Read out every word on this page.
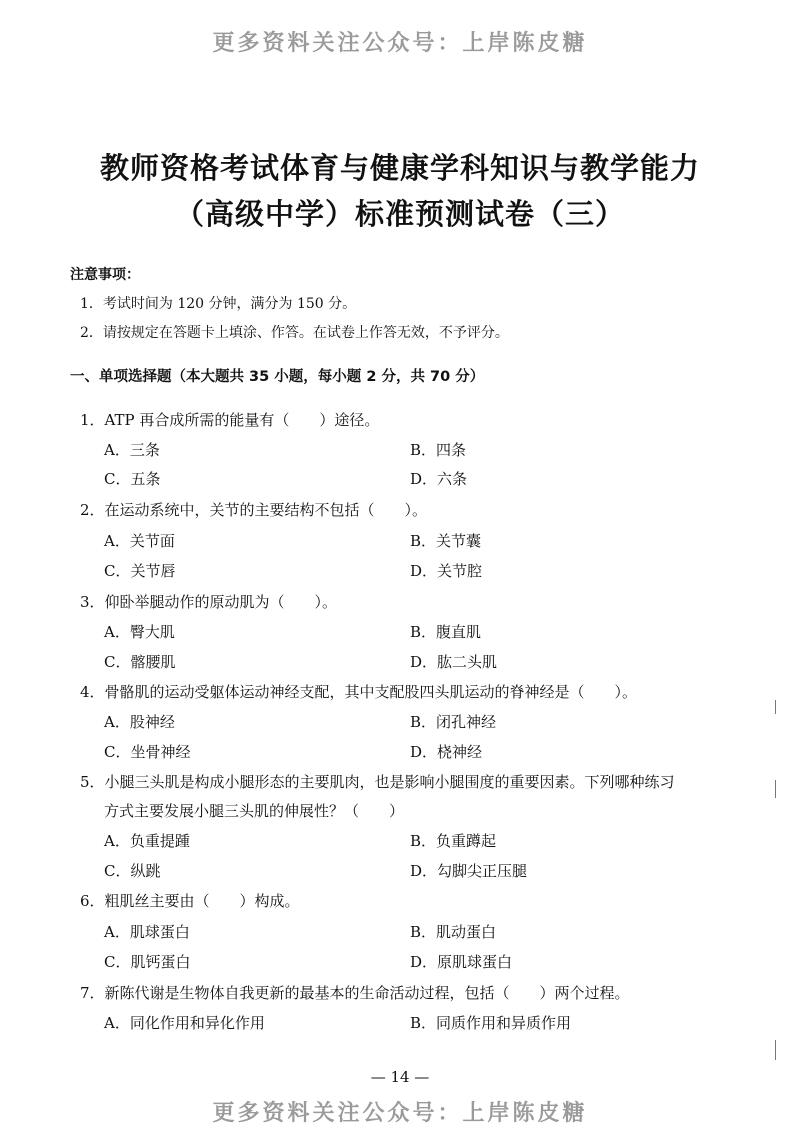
更多资料关注公众号：上岸陈皮糖
教师资格考试体育与健康学科知识与教学能力
（高级中学）标准预测试卷（三）
注意事项：
1．考试时间为 120 分钟，满分为 150 分。
2．请按规定在答题卡上填涂、作答。在试卷上作答无效，不予评分。
一、单项选择题（本大题共 35 小题，每小题 2 分，共 70 分）
1．ATP 再合成所需的能量有（　　）途径。
A．三条	B．四条
C．五条	D．六条
2．在运动系统中，关节的主要结构不包括（　　）。
A．关节面	B．关节囊
C．关节唇	D．关节腔
3．仰卧举腿动作的原动肌为（　　）。
A．臀大肌	B．腹直肌
C．髂腰肌	D．肱二头肌
4．骨骼肌的运动受躯体运动神经支配，其中支配股四头肌运动的脊神经是（　　）。
A．股神经	B．闭孔神经
C．坐骨神经	D．桡神经
5．小腿三头肌是构成小腿形态的主要肌肉，也是影响小腿围度的重要因素。下列哪种练习
方式主要发展小腿三头肌的伸展性？（　　）
A．负重提踵	B．负重蹲起
C．纵跳	D．勾脚尖正压腿
6．粗肌丝主要由（　　）构成。
A．肌球蛋白	B．肌动蛋白
C．肌钙蛋白	D．原肌球蛋白
7．新陈代谢是生物体自我更新的最基本的生命活动过程，包括（　　）两个过程。
A．同化作用和异化作用	B．同质作用和异质作用
— 14 —
更多资料关注公众号：上岸陈皮糖
